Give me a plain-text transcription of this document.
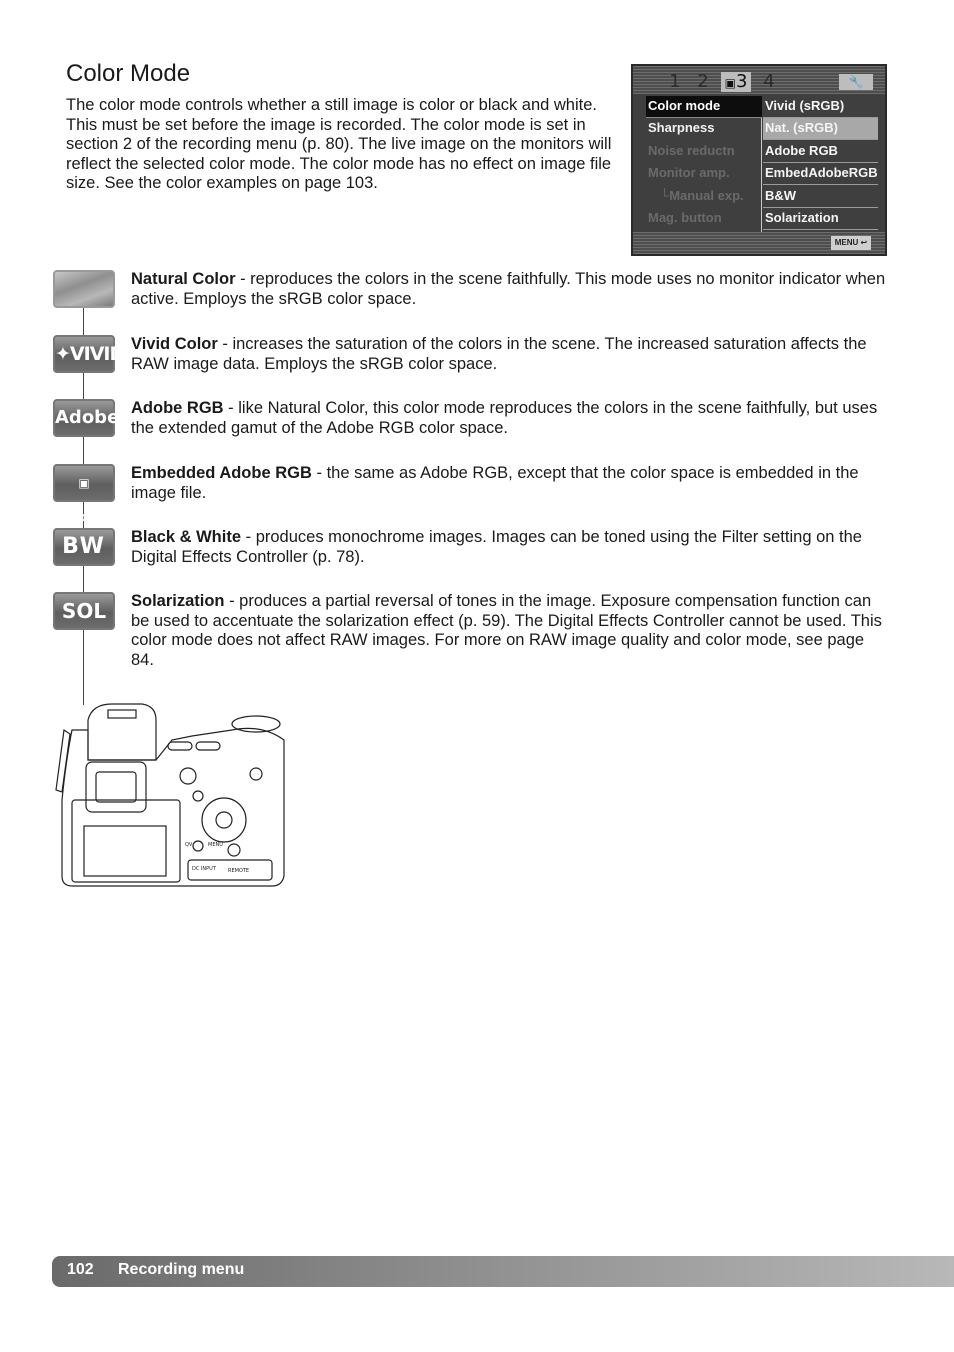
Color Mode

The color mode controls whether a still image is color or black and white. This must be set before the image is recorded. The color mode is set in section 2 of the recording menu (p. 80). The live image on the monitors will reflect the selected color mode. The color mode has no effect on image file size. See the color examples on page 103.

1 2	▣3 4	🔧
Color mode	Vivid (sRGB)
Sharpness	Nat. (sRGB)
Noise reductn	Adobe RGB
Monitor amp.	EmbedAdobeRGB
└Manual exp.	B&W
Mag. button	Solarization
MENU ↩

Natural Color - reproduces the colors in the scene faithfully. This mode uses no monitor indicator when active. Employs the sRGB color space.

✦VIVID Vivid Color - increases the saturation of the colors in the scene. The increased saturation affects the RAW image data. Employs the sRGB color space.

Adobe Adobe RGB - like Natural Color, this color mode reproduces the colors in the scene faithfully, but uses the extended gamut of the Adobe RGB color space.

▣ Adobe

Embedded Adobe RGB - the same as Adobe RGB, except that the color space is embedded in the image file.

BW	Black & White - produces monochrome images. Images can be toned using the Filter setting on the Digital Effects Controller (p. 78).

SOL	Solarization - produces a partial reversal of tones in the image. Exposure compensation function can be used to accentuate the solarization effect (p. 59). The Digital Effects Controller cannot be used. This color mode does not affect RAW images. For more on RAW image quality and color mode, see page 84.

QV	MENU
DC INPUT REMOTE
102 Recording menu
